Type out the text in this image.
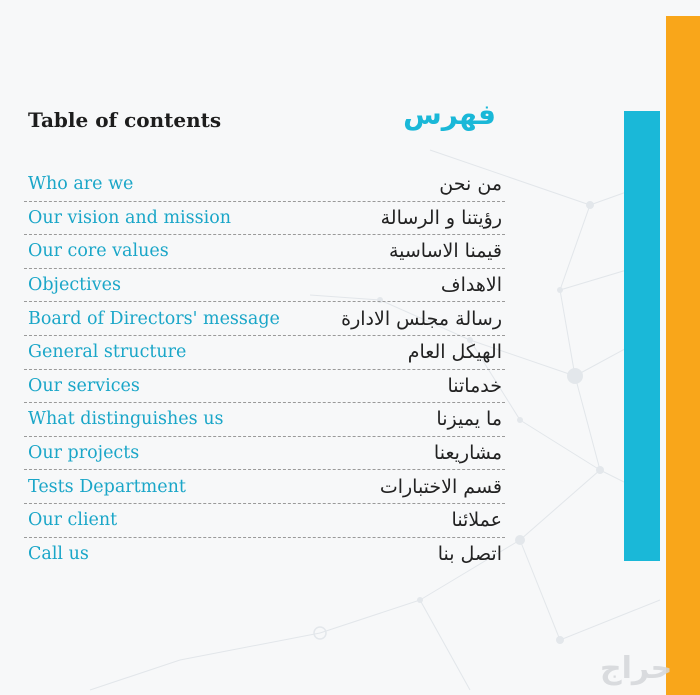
Table of contents	فهرس
Who are we	من نحن
Our vision and mission	رؤيتنا و الرسالة
Our core values	قيمنا الاساسية
Objectives	الاهداف
Board of Directors' message	رسالة مجلس الادارة
General structure	الهيكل العام
Our services	خدماتنا
What distinguishes us	ما يميزنا
Our projects	مشاريعنا
Tests Department	قسم الاختبارات
Our client	عملائنا
Call us	اتصل بنا
حراج
